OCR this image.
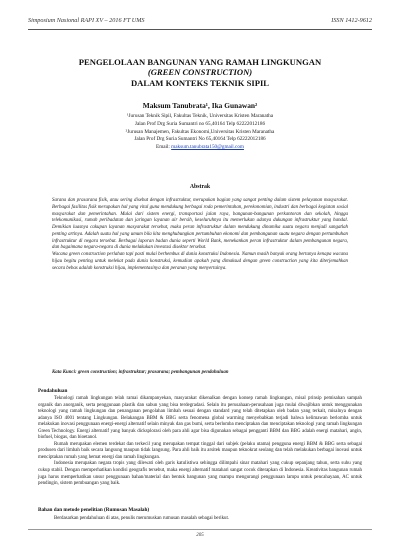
Simposium Nasional RAPI XV – 2016 FT UMS	ISSN 1412-9612
PENGELOLAAN BANGUNAN YANG RAMAH LINGKUNGAN
(GREEN CONSTRUCTION)
DALAM KONTEKS TEKNIK SIPIL
Maksum Tanubrata¹, Ika Gunawan²
¹Jurusan Teknik Sipil, Fakultas Teknik, Universitas Kristen Maranatha
Jalan Prof Drg Suria Sumantri no 65,40164 Telp 62222012186
²Jurusan Manajemen, Fakultas Ekonomi,Universitas Kristen Maranatha
Jalan Prof Drg Suria Sumantri No 65,40164 Telp 62222012186
Email: maksum.tanubrata150@gmail.com
Abstrak

Sarana dan prasarana fisik, atau sering disebut dengan infrastruktur, merupakan bagian yang sangat penting dalam sistem pelayanan masyarakat. Berbagai fasilitas fisik merupakan hal yang vital guna mendukung berbagai roda pemerintahan, perekonomian, industri dan berbagai kegiatan sosial masyarakat dan pemerintahan. Mulai dari sistem energi, transportasi jalan raya, bangunan-bangunan perkantoran dan sekolah, hingga telekomunikasi, rumah peribadatan dan jaringan layanan air bersih, keseluruhnya itu memerlukan adanya dukungan infrastruktur yang handal. Demikian luasnya cakupan layanan masyarakat tersebut, maka peran infrastruktur dalam mendukung dinamika suatu negara menjadi sangatlah penting artinya. Adalah suatu hal yang umum bila kita menghubungkan pertumbuhan ekonomi dan pembangunan suatu negara dengan pertumbuhan infrastruktur di negara tersebut. Berbagai laporan badan dunia seperti World Bank, menekankan peran infrastruktur dalam pembangunan negara, dan bagaimana negara-negara di dunia melakukan investasi disektor tersebut.

Wacana green construction perlahan tapi pasti mulai berhembus di dunia konstruksi Indonesia. Namun masih banyak orang bertanya kenapa wacana hijau begitu penting untuk melekat pada dunia konstruksi, kemudian apakah yang dimaksud dengan green construction yang kita diterjemahkan secara bebas adalah konstruksi hijau, implementasinya dan peranan yang menyertainya.

Kata Kunci: green construction; infrastruktur; prasarana; pembangunan pendahuluan
Pendahuluan

Teknologi ramah lingkungan telah ramai dikampanyekan, masyarakat dikenalkan dengan konsep ramah lingkungan, misal prinsip pemisahan sampah organik dan anorganik, serta penggunaan plastik dan sabun yang bisa terdegradasi. Selain itu perusahaan-perusahaan juga mulai diwajibkan untuk menggunakan teknologi yang ramah lingkungan dan penanganan pengolahan limbah sesuai dengan standard yang telah ditetapkan oleh badan yang terkait, misalnya dengan adanya ISO 4001 tentang Lingkungan. Belakangan BBM & BBG serta fenomena global warming menyebabkan terjadi bahwa kelimawan berlomba untuk melakukan inovasi penggunaan energi-energi alternatif selain minyak dan gas bumi, serta berlomba menciptakan dan menciptakan teknologi yang ramah lingkungan Green Technology. Energi alternatif yang banyak dicksplorasi oleh para ahli agar bisa digunakan sebagai pengganti BBM dan BBG adalah energi matahari, angin, biofuel, biogas, dan bioetanol.

Rumah merupakan elemen terdekat dan terkecil yang merupakan tempat tinggal dari subjek (pelaku utama) pengguna energi BBM & BBG serta sebagai produsen dari limbah baik secara langsung maupun tidak langsung. Para ahli baik itu arsitek maupun teknokrat seolang dan telah melakukan berbagai inovasi untuk menciptakan rumah yang hemat energi dan ramah lingkungan.

Indonesia merupakan negara tropis yang dilewati oleh garis katulistiwa sehingga dilimpahi sinar matahari yang cukup sepanjang tahun, serta suhu yang cukup stabil. Dengan memperhatikan kondisi geografis tersebut, maka energi alternatif matahari sangat cocok diterapkan di Indonesia. Kreativitas bangunan rumah juga harus memperhatikan unsur penggunaan bahan/material dan bentuk bangunan yang mampu mengurangi penggunaan lampu untuk pencahayaan, AC untuk pendingin, sistem pembuangan yang baik.

Bahan dan metode penelitian (Rumusan Masalah)

Berdasarkan pendahuluan di atas, penulis merumuskan rumusan masalah sebagai berikut.

205
